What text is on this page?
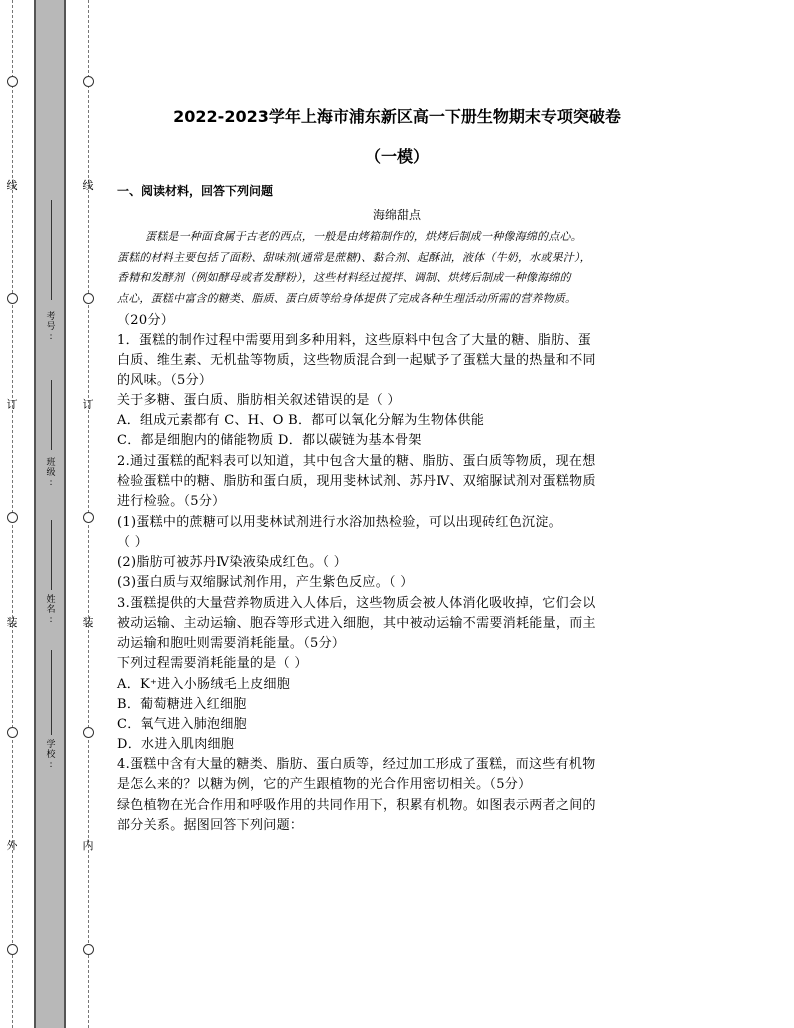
线
订
装
外
线
订
装
内
考
号
:
班
级
:
姓
名
:
学
校
:
2022-2023学年上海市浦东新区高一下册生物期末专项突破卷
（一模）
一、阅读材料，回答下列问题
海绵甜点
蛋糕是一种面食属于古老的西点，一般是由烤箱制作的，烘烤后制成一种像海绵的点心。
蛋糕的材料主要包括了面粉、甜味剂(通常是蔗糖)、黏合剂、起酥油，液体（牛奶，水或果汁），
香精和发酵剂（例如酵母或者发酵粉），这些材料经过搅拌、调制、烘烤后制成一种像海绵的
点心，蛋糕中富含的糖类、脂质、蛋白质等给身体提供了完成各种生理活动所需的营养物质。
（20分）
1．蛋糕的制作过程中需要用到多种用料，这些原料中包含了大量的糖、脂肪、蛋
白质、维生素、无机盐等物质，这些物质混合到一起赋予了蛋糕大量的热量和不同
的风味。（5分）
关于多糖、蛋白质、脂肪相关叙述错误的是（ ）
A．组成元素都有 C、H、O B．都可以氧化分解为生物体供能
C．都是细胞内的储能物质 D．都以碳链为基本骨架
2.通过蛋糕的配料表可以知道，其中包含大量的糖、脂肪、蛋白质等物质，现在想
检验蛋糕中的糖、脂肪和蛋白质，现用斐林试剂、苏丹Ⅳ、双缩脲试剂对蛋糕物质
进行检验。（5分）
(1)蛋糕中的蔗糖可以用斐林试剂进行水浴加热检验，可以出现砖红色沉淀。
（ ）
(2)脂肪可被苏丹Ⅳ染液染成红色。（ ）
(3)蛋白质与双缩脲试剂作用，产生紫色反应。（ ）
3.蛋糕提供的大量营养物质进入人体后，这些物质会被人体消化吸收掉，它们会以
被动运输、主动运输、胞吞等形式进入细胞，其中被动运输不需要消耗能量，而主
动运输和胞吐则需要消耗能量。（5分）
下列过程需要消耗能量的是（ ）
A．K⁺进入小肠绒毛上皮细胞
B．葡萄糖进入红细胞
C．氧气进入肺泡细胞
D．水进入肌肉细胞
4.蛋糕中含有大量的糖类、脂肪、蛋白质等，经过加工形成了蛋糕，而这些有机物
是怎么来的？以糖为例，它的产生跟植物的光合作用密切相关。（5分）
绿色植物在光合作用和呼吸作用的共同作用下，积累有机物。如图表示两者之间的
部分关系。据图回答下列问题：
